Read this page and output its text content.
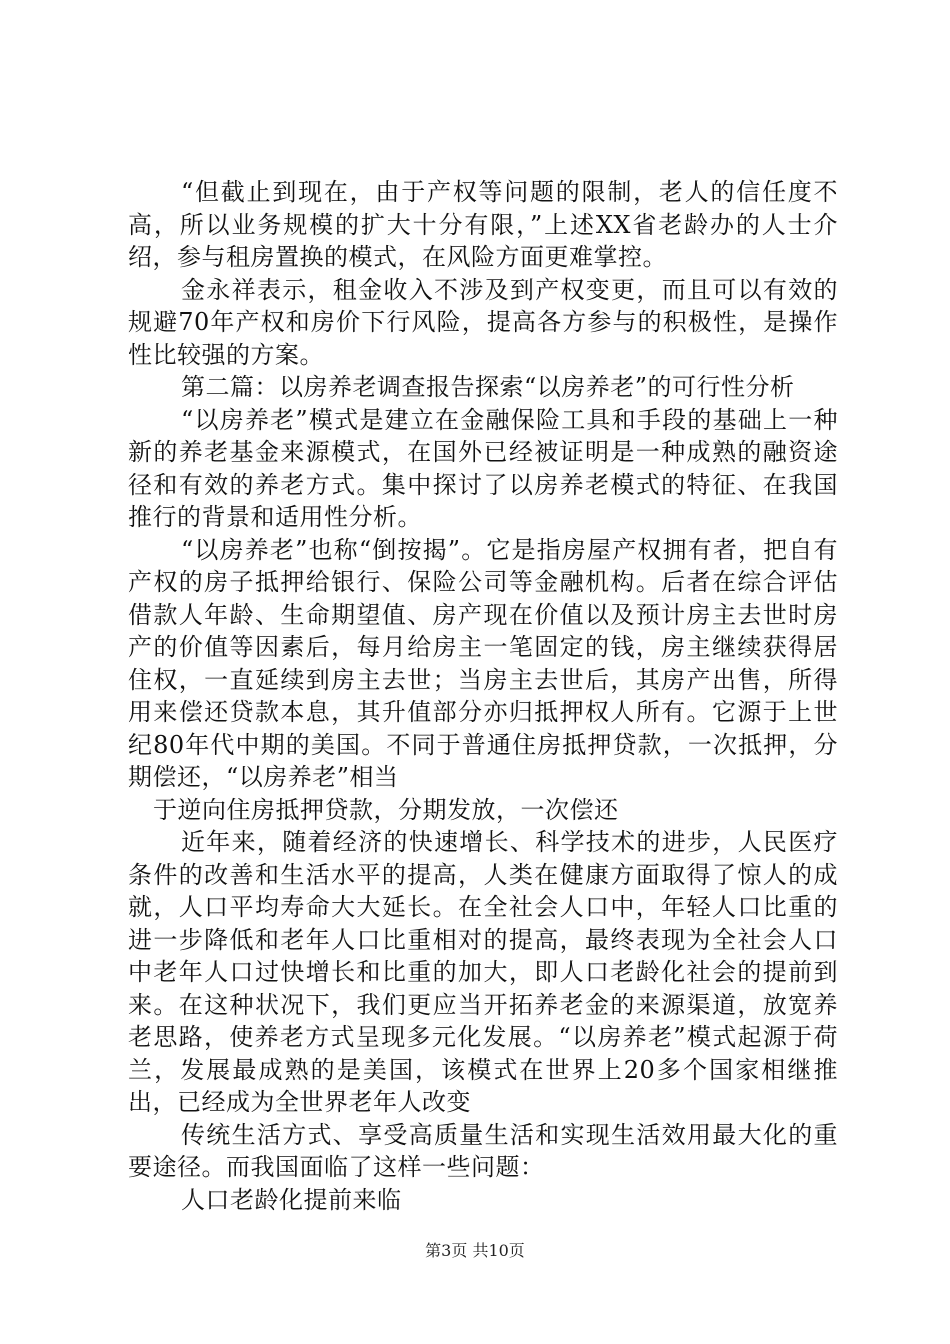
“但截止到现在，由于产权等问题的限制，老人的信任度不高，所以业务规模的扩大十分有限，”上述XX省老龄办的人士介绍，参与租房置换的模式，在风险方面更难掌控。

金永祥表示，租金收入不涉及到产权变更，而且可以有效的规避70年产权和房价下行风险，提高各方参与的积极性，是操作性比较强的方案。

第二篇：以房养老调查报告探索“以房养老”的可行性分析

“以房养老”模式是建立在金融保险工具和手段的基础上一种新的养老基金来源模式，在国外已经被证明是一种成熟的融资途径和有效的养老方式。集中探讨了以房养老模式的特征、在我国推行的背景和适用性分析。

“以房养老”也称“倒按揭”。它是指房屋产权拥有者，把自有产权的房子抵押给银行、保险公司等金融机构。后者在综合评估借款人年龄、生命期望值、房产现在价值以及预计房主去世时房产的价值等因素后，每月给房主一笔固定的钱，房主继续获得居住权，一直延续到房主去世；当房主去世后，其房产出售，所得用来偿还贷款本息，其升值部分亦归抵押权人所有。它源于上世纪80年代中期的美国。不同于普通住房抵押贷款，一次抵押，分期偿还，“以房养老”相当

于逆向住房抵押贷款，分期发放，一次偿还

近年来，随着经济的快速增长、科学技术的进步，人民医疗条件的改善和生活水平的提高，人类在健康方面取得了惊人的成就，人口平均寿命大大延长。在全社会人口中，年轻人口比重的进一步降低和老年人口比重相对的提高，最终表现为全社会人口中老年人口过快增长和比重的加大，即人口老龄化社会的提前到来。在这种状况下，我们更应当开拓养老金的来源渠道，放宽养老思路，使养老方式呈现多元化发展。“以房养老”模式起源于荷兰，发展最成熟的是美国，该模式在世界上20多个国家相继推出，已经成为全世界老年人改变

传统生活方式、享受高质量生活和实现生活效用最大化的重要途径。而我国面临了这样一些问题：

人口老龄化提前来临

第3页 共10页
